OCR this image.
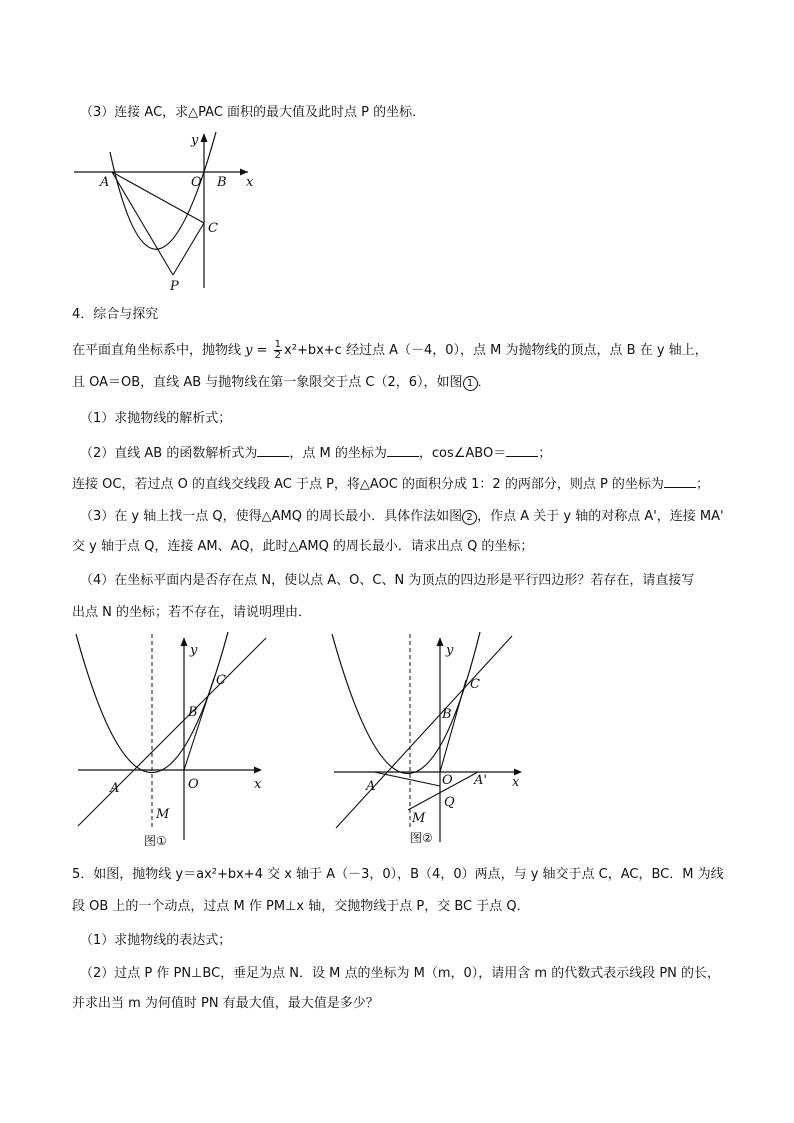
（3）连接 AC，求△PAC 面积的最大值及此时点 P 的坐标．
y
A	O B x
C
P
4．综合与探究
在平面直角坐标系中，抛物线 $y = \frac{1}{2} x^2+bx+c$ 经过点 A（－4，0），点 M 为抛物线的顶点，点 B 在 y 轴上，
且 OA＝OB，直线 AB 与抛物线在第一象限交于点 C（2，6），如图 1 ．
（1）求抛物线的解析式；
（2）直线 AB 的函数解析式为 ，点 M 的坐标为 ，cos∠ABO＝ ；
连接 OC，若过点 O 的直线交线段 AC 于点 P，将△AOC 的面积分成 1：2 的两部分，则点 P 的坐标为 ；
（3）在 y 轴上找一点 Q，使得△AMQ 的周长最小．具体作法如图 2 ，作点 A 关于 y 轴的对称点 A'，连接 MA'
交 y 轴于点 Q，连接 AM、AQ，此时△AMQ 的周长最小．请求出点 Q 的坐标；
（4）在坐标平面内是否存在点 N，使以点 A、O、C、N 为顶点的四边形是平行四边形？若存在，请直接写
出点 N 的坐标；若不存在，请说明理由．
y
C
B
O	x
A
M
图①
y
C
B
O A' x
A
Q
M
图②
5．如图，抛物线 y＝ax²+bx+4 交 x 轴于 A（－3，0），B（4，0）两点，与 y 轴交于点 C，AC，BC．M 为线
段 OB 上的一个动点，过点 M 作 PM⊥x 轴，交抛物线于点 P，交 BC 于点 Q．
（1）求抛物线的表达式；
（2）过点 P 作 PN⊥BC，垂足为点 N．设 M 点的坐标为 M（m，0），请用含 m 的代数式表示线段 PN 的长，
并求出当 m 为何值时 PN 有最大值，最大值是多少？
